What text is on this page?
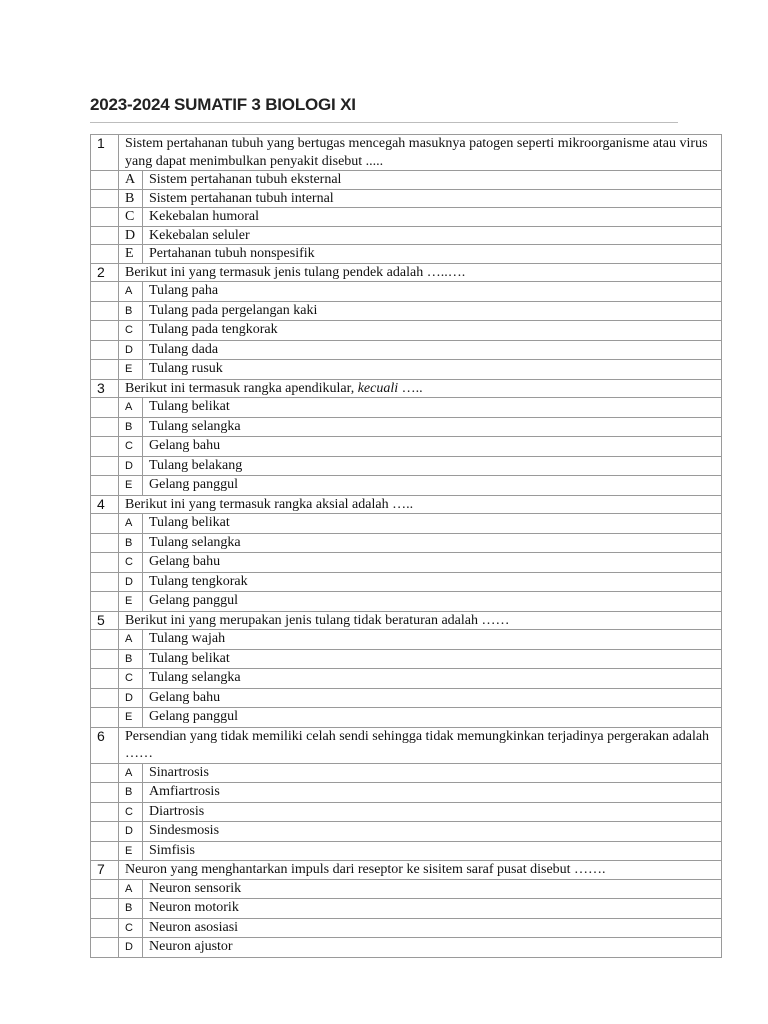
2023-2024 SUMATIF 3 BIOLOGI XI
1	Sistem pertahanan tubuh yang bertugas mencegah masuknya patogen seperti mikroorganisme atau virus yang dapat menimbulkan penyakit disebut .....	
	A	Sistem pertahanan tubuh eksternal
	B	Sistem pertahanan tubuh internal
	C	Kekebalan humoral
	D	Kekebalan seluler
	E	Pertahanan tubuh nonspesifik
2	Berikut ini yang termasuk jenis tulang pendek adalah …..….	
	A	Tulang paha
	B	Tulang pada pergelangan kaki
	C	Tulang pada tengkorak
	D	Tulang dada
	E	Tulang rusuk
3	Berikut ini termasuk rangka apendikular, kecuali …..	
	A	Tulang belikat
	B	Tulang selangka
	C	Gelang bahu
	D	Tulang belakang
	E	Gelang panggul
4	Berikut ini yang termasuk rangka aksial adalah …..	
	A	Tulang belikat
	B	Tulang selangka
	C	Gelang bahu
	D	Tulang tengkorak
	E	Gelang panggul
5	Berikut ini yang merupakan jenis tulang tidak beraturan adalah ……	
	A	Tulang wajah
	B	Tulang belikat
	C	Tulang selangka
	D	Gelang bahu
	E	Gelang panggul
6	Persendian yang tidak memiliki celah sendi sehingga tidak memungkinkan terjadinya pergerakan adalah ……	
	A	Sinartrosis
	B	Amfiartrosis
	C	Diartrosis
	D	Sindesmosis
	E	Simfisis
7	Neuron yang menghantarkan impuls dari reseptor ke sisitem saraf pusat disebut …….	
	A	Neuron sensorik
	B	Neuron motorik
	C	Neuron asosiasi
	D	Neuron ajustor
